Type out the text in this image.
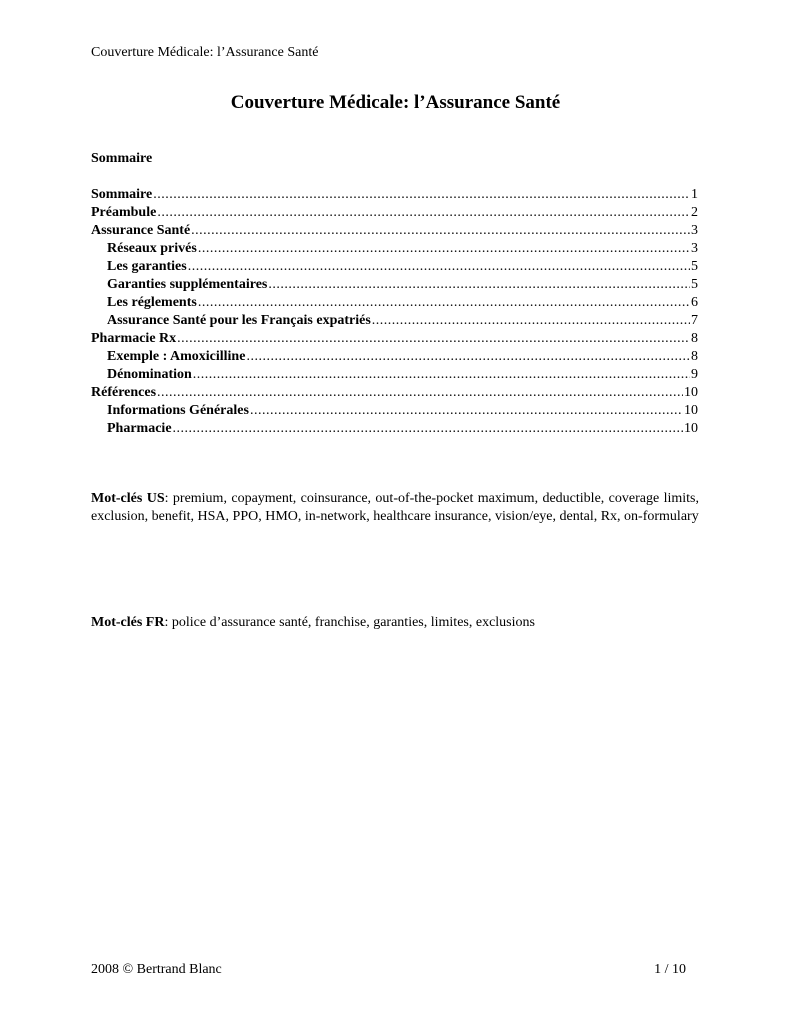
Couverture Médicale: l’Assurance Santé
Couverture Médicale: l’Assurance Santé
Sommaire
Sommaire .....	1
Préambule .....	2
Assurance Santé .....	3
Réseaux privés .....	3
Les garanties .....	5
Garanties supplémentaires .....	5
Les réglements .....	6
Assurance Santé pour les Français expatriés .....	7
Pharmacie Rx .....	8
Exemple : Amoxicilline .....	8
Dénomination .....	9
Références .....	10
Informations Générales .....	10
Pharmacie .....	10

Mot-clés US: premium, copayment, coinsurance, out-of-the-pocket maximum, deductible, coverage limits, exclusion, benefit, HSA, PPO, HMO, in-network, healthcare insurance, vision/eye, dental, Rx, on-formulary

Mot-clés FR: police d’assurance santé, franchise, garanties, limites, exclusions

2008 © Bertrand Blanc	1 / 10
